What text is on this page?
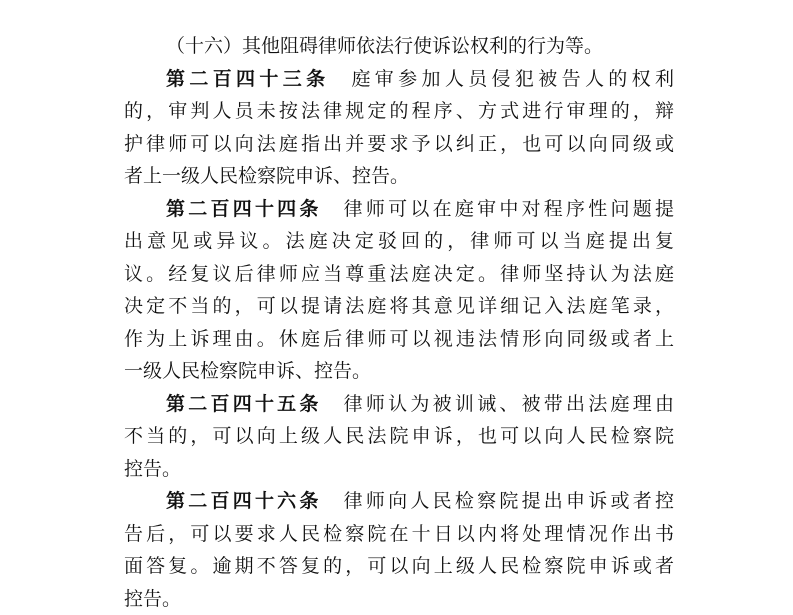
（十六）其他阻碍律师依法行使诉讼权利的行为等。
第二百四十三条 庭审参加人员侵犯被告人的权利
的，审判人员未按法律规定的程序、方式进行审理的，辩
护律师可以向法庭指出并要求予以纠正，也可以向同级或
者上一级人民检察院申诉、控告。
第二百四十四条 律师可以在庭审中对程序性问题提
出意见或异议。法庭决定驳回的，律师可以当庭提出复
议。经复议后律师应当尊重法庭决定。律师坚持认为法庭
决定不当的，可以提请法庭将其意见详细记入法庭笔录，
作为上诉理由。休庭后律师可以视违法情形向同级或者上
一级人民检察院申诉、控告。
第二百四十五条 律师认为被训诫、被带出法庭理由
不当的，可以向上级人民法院申诉，也可以向人民检察院
控告。
第二百四十六条 律师向人民检察院提出申诉或者控
告后，可以要求人民检察院在十日以内将处理情况作出书
面答复。逾期不答复的，可以向上级人民检察院申诉或者
控告。
